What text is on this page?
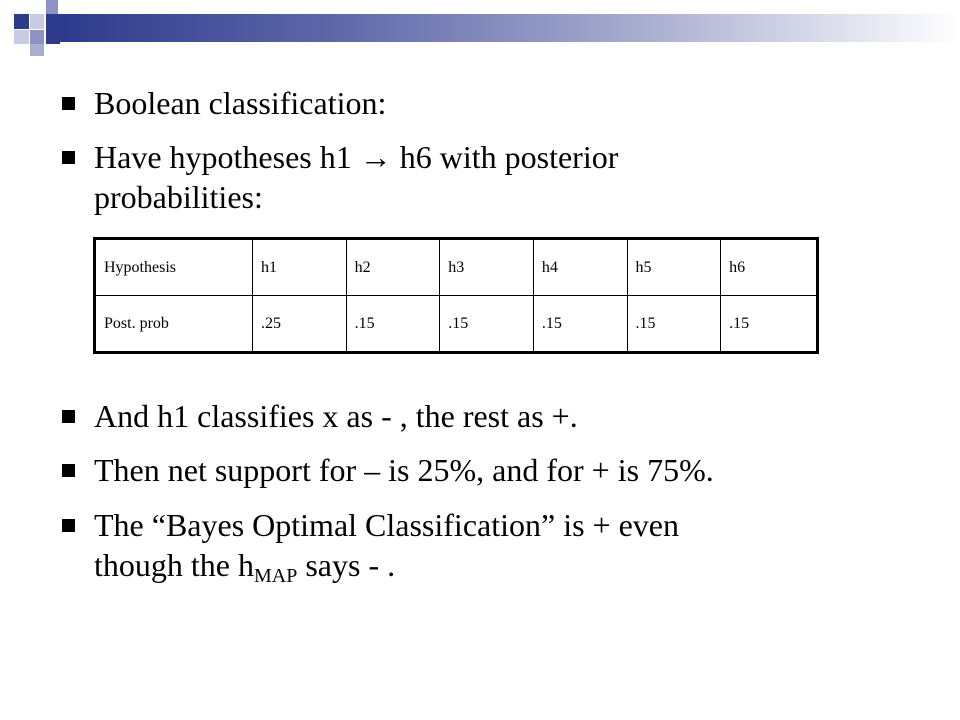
Boolean classification:
Have hypotheses h1 → h6 with posterior
probabilities:
And h1 classifies x as - , the rest as +.
Then net support for – is 25%, and for + is 75%.
The “Bayes Optimal Classification” is + even
though the $h_{MAP}$ says - .
Hypothesis	h1	h2	h3	h4	h5	h6
Post. prob	.25	.15	.15	.15	.15	.15
